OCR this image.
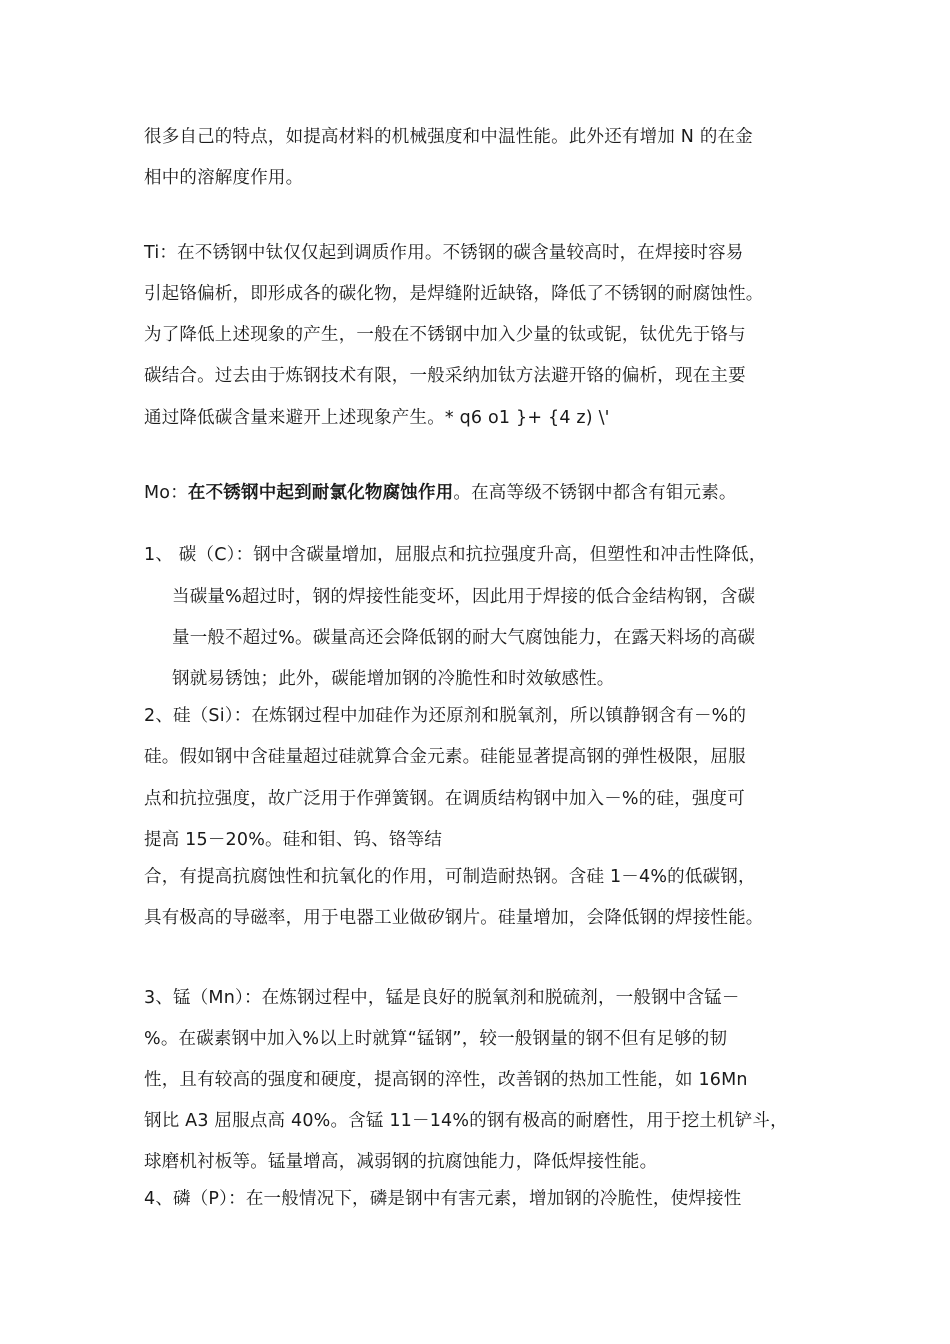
很多自己的特点，如提高材料的机械强度和中温性能。此外还有增加 N 的在金
相中的溶解度作用。
Ti：在不锈钢中钛仅仅起到调质作用。不锈钢的碳含量较高时，在焊接时容易
引起铬偏析，即形成各的碳化物，是焊缝附近缺铬，降低了不锈钢的耐腐蚀性。
为了降低上述现象的产生，一般在不锈钢中加入少量的钛或铌，钛优先于铬与
碳结合。过去由于炼钢技术有限，一般采纳加钛方法避开铬的偏析，现在主要
通过降低碳含量来避开上述现象产生。* q6 o1 }+ {4 z) \'
Mo：在不锈钢中起到耐氯化物腐蚀作用。在高等级不锈钢中都含有钼元素。
1、 碳（C）：钢中含碳量增加，屈服点和抗拉强度升高，但塑性和冲击性降低，
当碳量%超过时，钢的焊接性能变坏，因此用于焊接的低合金结构钢，含碳
量一般不超过%。碳量高还会降低钢的耐大气腐蚀能力，在露天料场的高碳
钢就易锈蚀；此外，碳能增加钢的冷脆性和时效敏感性。
2、硅（Si）：在炼钢过程中加硅作为还原剂和脱氧剂，所以镇静钢含有－%的
硅。假如钢中含硅量超过硅就算合金元素。硅能显著提高钢的弹性极限，屈服
点和抗拉强度，故广泛用于作弹簧钢。在调质结构钢中加入－%的硅，强度可
提高 15－20%。硅和钼、钨、铬等结
合，有提高抗腐蚀性和抗氧化的作用，可制造耐热钢。含硅 1－4%的低碳钢，
具有极高的导磁率，用于电器工业做矽钢片。硅量增加，会降低钢的焊接性能。
3、锰（Mn）：在炼钢过程中，锰是良好的脱氧剂和脱硫剂，一般钢中含锰－
%。在碳素钢中加入%以上时就算“锰钢”，较一般钢量的钢不但有足够的韧
性，且有较高的强度和硬度，提高钢的淬性，改善钢的热加工性能，如 16Mn
钢比 A3 屈服点高 40%。含锰 11－14%的钢有极高的耐磨性，用于挖土机铲斗，
球磨机衬板等。锰量增高，减弱钢的抗腐蚀能力，降低焊接性能。
4、磷（P）：在一般情况下，磷是钢中有害元素，增加钢的冷脆性，使焊接性
